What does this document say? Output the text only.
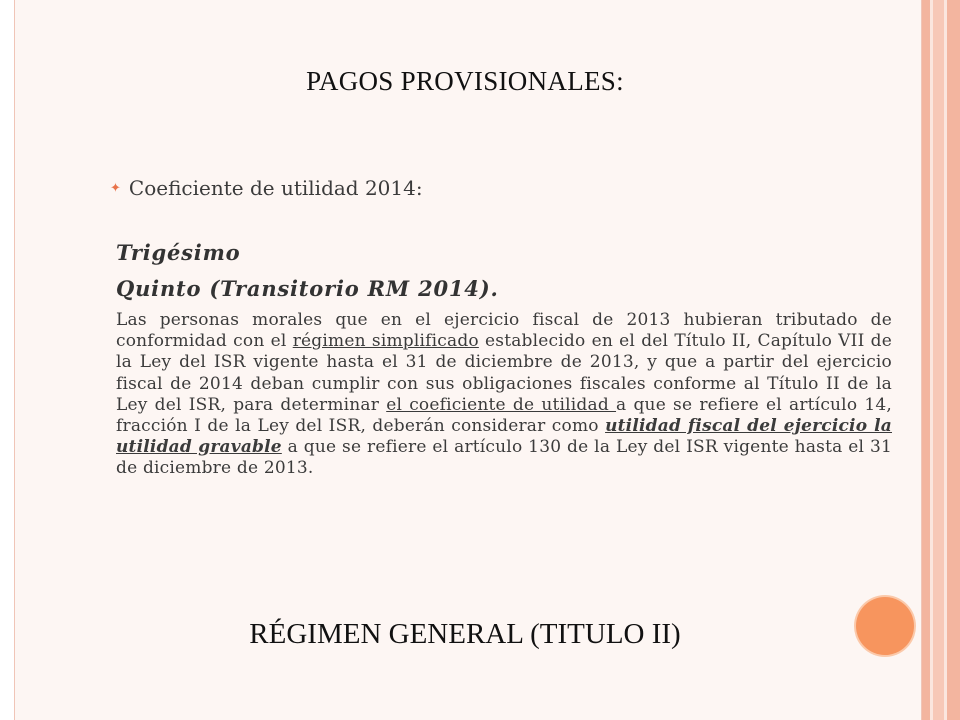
PAGOS PROVISIONALES:
✦ Coeficiente de utilidad 2014:
Trigésimo
Quinto (Transitorio RM 2014).
Las personas morales que en el ejercicio fiscal de 2013 hubieran tributado de conformidad con el régimen simplificado establecido en el del Título II, Capítulo VII de la Ley del ISR vigente hasta el 31 de diciembre de 2013, y que a partir del ejercicio fiscal de 2014 deban cumplir con sus obligaciones fiscales conforme al Título II de la Ley del ISR, para determinar el coeficiente de utilidad a que se refiere el artículo 14, fracción I de la Ley del ISR, deberán considerar como utilidad fiscal del ejercicio la utilidad gravable a que se refiere el artículo 130 de la Ley del ISR vigente hasta el 31 de diciembre de 2013.
RÉGIMEN GENERAL (TITULO II)
